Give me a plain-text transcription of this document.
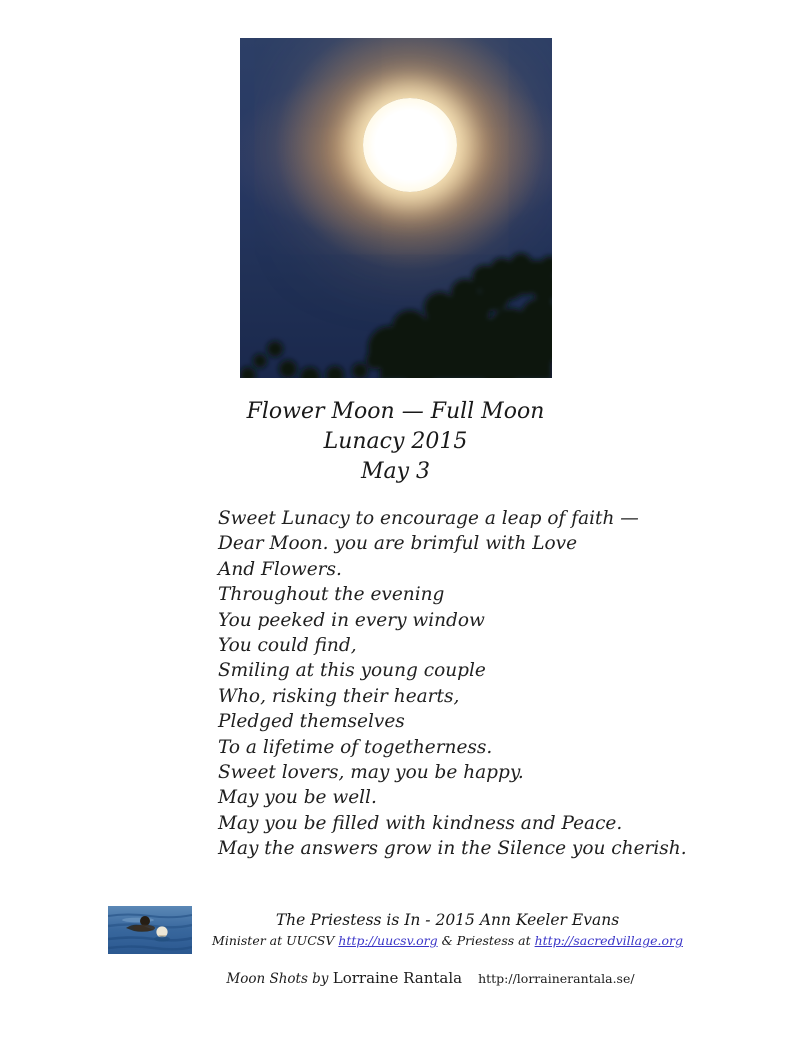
Flower Moon — Full Moon
Lunacy 2015
May 3
Sweet Lunacy to encourage a leap of faith —
Dear Moon. you are brimful with Love
And Flowers.
Throughout the evening
You peeked in every window
You could find,
Smiling at this young couple
Who, risking their hearts,
Pledged themselves
To a lifetime of togetherness.
Sweet lovers, may you be happy.
May you be well.
May you be filled with kindness and Peace.
May the answers grow in the Silence you cherish.
The Priestess is In - 2015 Ann Keeler Evans
Minister at UUCSV http://uucsv.org & Priestess at http://sacredvillage.org
Moon Shots by Lorraine Rantala http://lorrainerantala.se/
